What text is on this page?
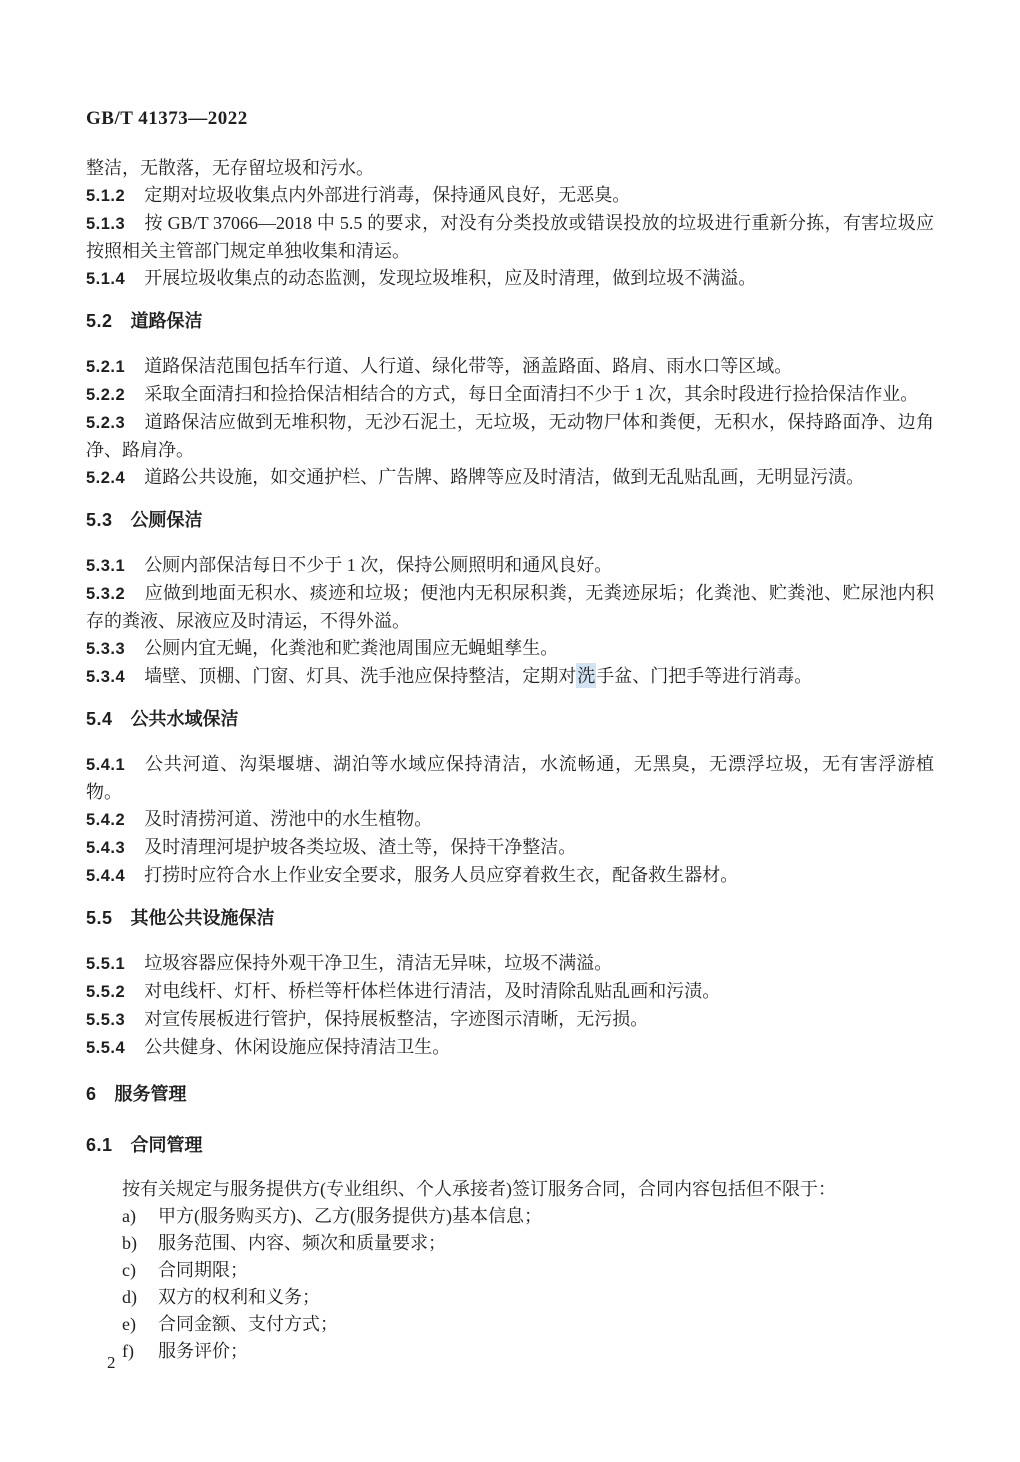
GB/T 41373—2022

整洁，无散落，无存留垃圾和污水。

5.1.2 定期对垃圾收集点内外部进行消毒，保持通风良好，无恶臭。

5.1.3 按 GB/T 37066—2018 中 5.5 的要求，对没有分类投放或错误投放的垃圾进行重新分拣，有害垃圾应按照相关主管部门规定单独收集和清运。

5.1.4 开展垃圾收集点的动态监测，发现垃圾堆积，应及时清理，做到垃圾不满溢。

5.2 道路保洁

5.2.1 道路保洁范围包括车行道、人行道、绿化带等，涵盖路面、路肩、雨水口等区域。

5.2.2 采取全面清扫和捡拾保洁相结合的方式，每日全面清扫不少于 1 次，其余时段进行捡拾保洁作业。

5.2.3 道路保洁应做到无堆积物，无沙石泥土，无垃圾，无动物尸体和粪便，无积水，保持路面净、边角净、路肩净。

5.2.4 道路公共设施，如交通护栏、广告牌、路牌等应及时清洁，做到无乱贴乱画，无明显污渍。

5.3 公厕保洁

5.3.1 公厕内部保洁每日不少于 1 次，保持公厕照明和通风良好。

5.3.2 应做到地面无积水、痰迹和垃圾；便池内无积尿积粪，无粪迹尿垢；化粪池、贮粪池、贮尿池内积存的粪液、尿液应及时清运，不得外溢。

5.3.3 公厕内宜无蝇，化粪池和贮粪池周围应无蝇蛆孳生。

5.3.4 墙壁、顶棚、门窗、灯具、洗手池应保持整洁，定期对洗手盆、门把手等进行消毒。

5.4 公共水域保洁

5.4.1 公共河道、沟渠堰塘、湖泊等水域应保持清洁，水流畅通，无黑臭，无漂浮垃圾，无有害浮游植物。

5.4.2 及时清捞河道、涝池中的水生植物。

5.4.3 及时清理河堤护坡各类垃圾、渣土等，保持干净整洁。

5.4.4 打捞时应符合水上作业安全要求，服务人员应穿着救生衣，配备救生器材。

5.5 其他公共设施保洁

5.5.1 垃圾容器应保持外观干净卫生，清洁无异味，垃圾不满溢。

5.5.2 对电线杆、灯杆、桥栏等杆体栏体进行清洁，及时清除乱贴乱画和污渍。

5.5.3 对宣传展板进行管护，保持展板整洁，字迹图示清晰，无污损。

5.5.4 公共健身、休闲设施应保持清洁卫生。

6 服务管理
6.1 合同管理

按有关规定与服务提供方(专业组织、个人承接者)签订服务合同，合同内容包括但不限于：

a) 甲方(服务购买方)、乙方(服务提供方)基本信息；

b) 服务范围、内容、频次和质量要求；

c) 合同期限；

d) 双方的权利和义务；

e) 合同金额、支付方式；

f) 服务评价；

2
